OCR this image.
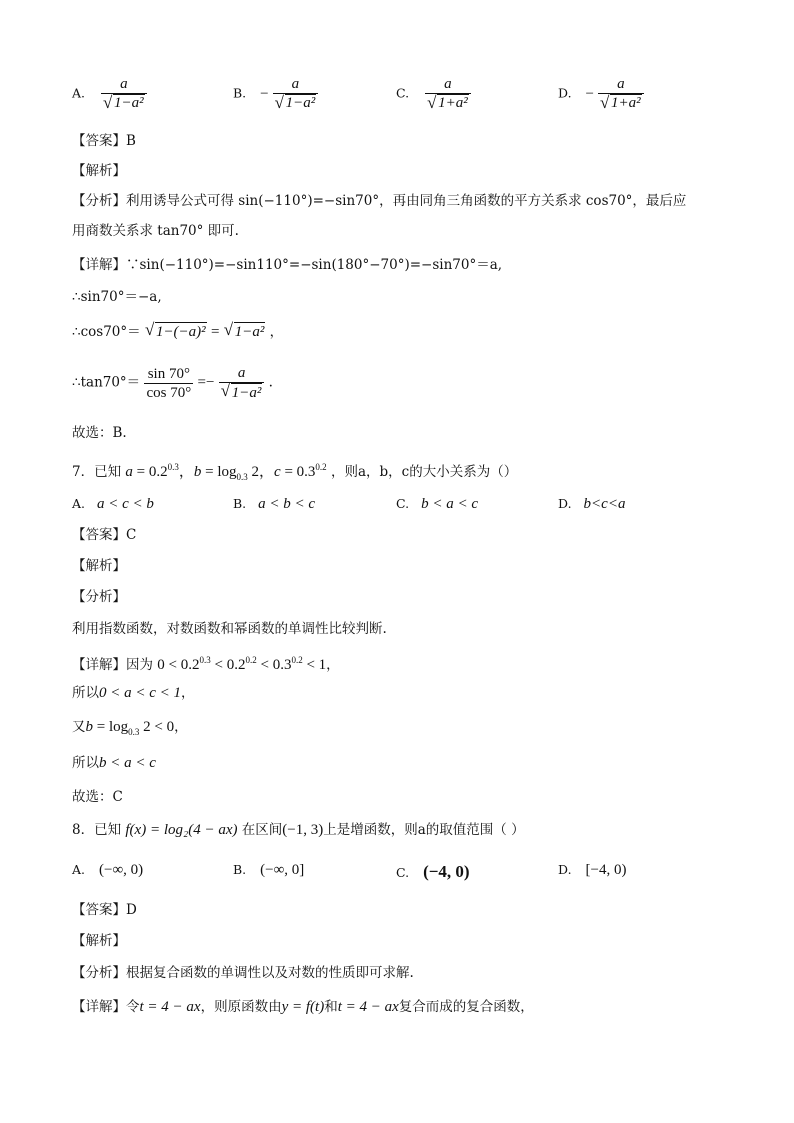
A. $\frac{a}{\text{√ 1−a²}}$	B. − $\frac{a}{\text{√ 1−a²}}$	C. $\frac{a}{\text{√ 1+a²}}$	D. − $\frac{a}{\text{√ 1+a²}}$
【答案】B
【解析】
【分析】利用诱导公式可得 sin(−110°)=−sin70°，再由同角三角函数的平方关系求 cos70°，最后应
用商数关系求 tan70° 即可.
【详解】∵sin(−110°)=−sin110°=−sin(180°−70°)=−sin70°＝a,
∴sin70°＝−a,
∴cos70°＝ √ 1−(−a)² = √ 1−a² ，
∴tan70°＝ $\frac{\sin 70^\circ}{\cos 70^\circ} =- \frac{a}{\text{√ 1−a²}}$ .
故选：B.
7．已知 $a = 0.2^{0.3}$，$b = \log_{0.3} 2$，$c = 0.3^{0.2}$ ，则a，b，c的大小关系为（）
A. a < c < b	B. a < b < c	C. b < a < c	D. b<c<a
【答案】C
【解析】
【分析】
利用指数函数，对数函数和幂函数的单调性比较判断.
【详解】因为 $0 < 0.2^{0.3} < 0.2^{0.2} < 0.3^{0.2} < 1$，
所以0 < a < c < 1，
又$b = \log_{0.3} 2 < 0$，
所以b < a < c
故选：C
8．已知 f(x) = log₂(4 − ax) 在区间(−1, 3)上是增函数，则a的取值范围（ ）
A. (−∞, 0)	B. (−∞, 0]	C. (−4, 0)	D. [−4, 0)
【答案】D
【解析】
【分析】根据复合函数的单调性以及对数的性质即可求解.
【详解】令t = 4 − ax，则原函数由y = f(t)和t = 4 − ax复合而成的复合函数，
